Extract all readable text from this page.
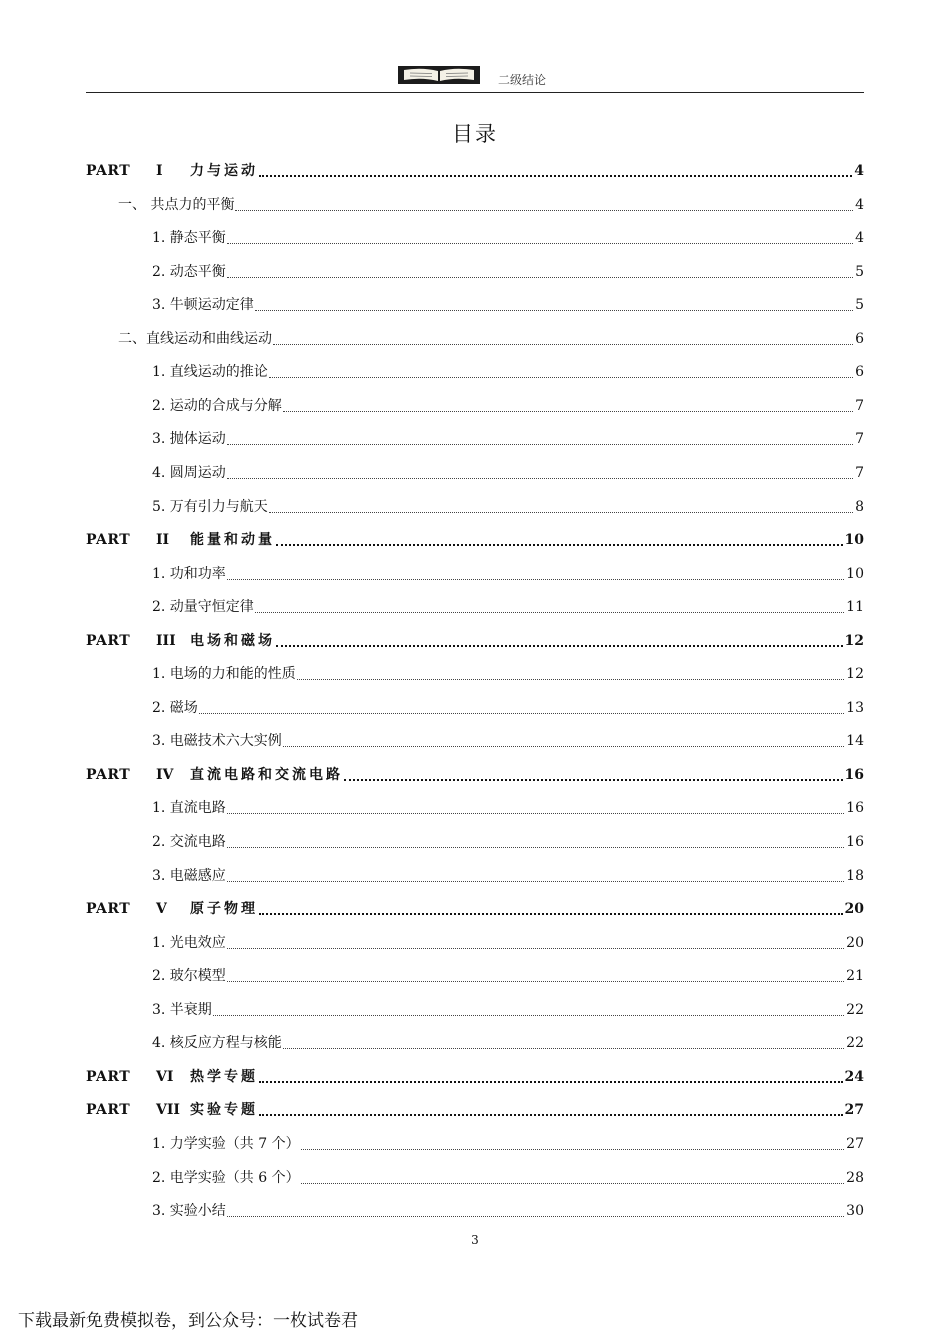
二级结论
目录
PART I 力与运动	4
一、 共点力的平衡	4
1. 静态平衡	4
2. 动态平衡	5
3. 牛顿运动定律	5
二、直线运动和曲线运动	6
1. 直线运动的推论	6
2. 运动的合成与分解	7
3. 抛体运动	7
4. 圆周运动	7
5. 万有引力与航天	8
PART II 能量和动量	10
1. 功和功率	10
2. 动量守恒定律	11
PART III 电场和磁场	12
1. 电场的力和能的性质	12
2. 磁场	13
3. 电磁技术六大实例	14
PART IV 直流电路和交流电路	16
1. 直流电路	16
2. 交流电路	16
3. 电磁感应	18
PART V 原子物理	20
1. 光电效应	20
2. 玻尔模型	21
3. 半衰期	22
4. 核反应方程与核能	22
PART VI 热学专题	24
PART VII 实验专题	27
1. 力学实验（共 7 个）	27
2. 电学实验（共 6 个）	28
3. 实验小结	30
3
下载最新免费模拟卷，到公众号：一枚试卷君
